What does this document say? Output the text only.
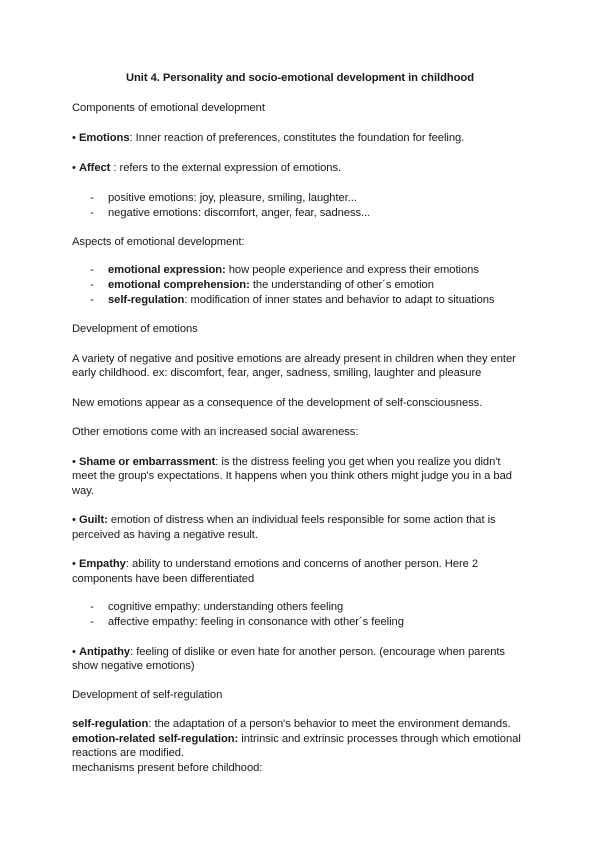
Unit 4. Personality and socio-emotional development in childhood
Components of emotional development
• Emotions: Inner reaction of preferences, constitutes the foundation for feeling.
• Affect : refers to the external expression of emotions.
- positive emotions: joy, pleasure, smiling, laughter...
- negative emotions: discomfort, anger, fear, sadness...
Aspects of emotional development:
- emotional expression: how people experience and express their emotions
- emotional comprehension: the understanding of other´s emotion
- self-regulation: modification of inner states and behavior to adapt to situations
Development of emotions
A variety of negative and positive emotions are already present in children when they enter
early childhood. ex: discomfort, fear, anger, sadness, smiling, laughter and pleasure
New emotions appear as a consequence of the development of self-consciousness.
Other emotions come with an increased social awareness:
• Shame or embarrassment: is the distress feeling you get when you realize you didn't
meet the group's expectations. It happens when you think others might judge you in a bad
way.
• Guilt: emotion of distress when an individual feels responsible for some action that is
perceived as having a negative result.
• Empathy: ability to understand emotions and concerns of another person. Here 2
components have been differentiated
- cognitive empathy: understanding others feeling
- affective empathy: feeling in consonance with other´s feeling
• Antipathy: feeling of dislike or even hate for another person. (encourage when parents
show negative emotions)
Development of self-regulation
self-regulation: the adaptation of a person's behavior to meet the environment demands.
emotion-related self-regulation: intrinsic and extrinsic processes through which emotional
reactions are modified.
mechanisms present before childhood:
